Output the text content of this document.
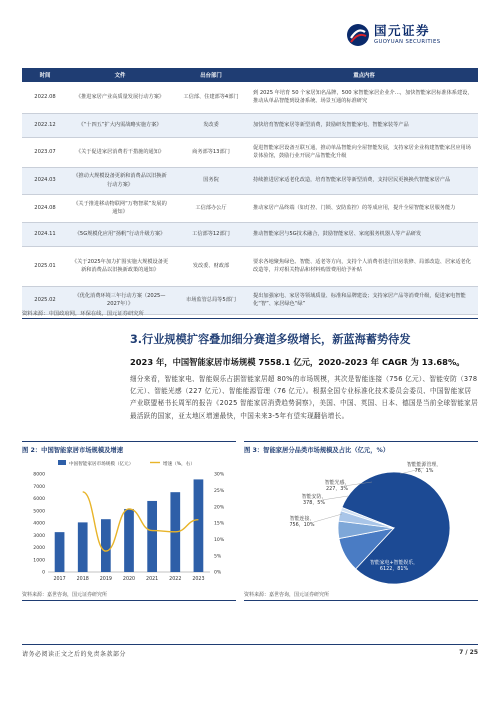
国元证券
GUOYUAN SECURITIES
时间	文件	出台部门	重点内容
2022.08	《推进家居产业高质量发展行动方案》	工信部、住建部等4部门	到 2025 年培育 50 个家居知名品牌，500 家智能家居企业介…，加快智能家居标准体系建设，推动从单品智能到设备系统、场景互通的标准研究
2022.12	《“十四五”扩大内需战略实施方案》	发改委	加快培育智能家居等新型消费，鼓励研发智能家电、智能家装等产品
2023.07	《关于促进家居消费若干措施的通知》	商务部等13部门	促进智能家居设备互联互通，推动单品智能向全屋智能发展，支持家居企业构建智能家居应用场景体验馆，鼓励行业开展产品智能化升级
2024.03	《推动大规模设备更新和消费品以旧换新行动方案》	国务院	持续推进居家适老化改造，培育智能家居等新型消费，支持居民更换换代智能家居产品
2024.08	《关于推进移动物联网“万物智联”发展的通知》	工信部办公厅	推动家居产品终端（如灯控、门锁、安防监控）的等成应用，提升全屋智能家居服务能力
2024.11	《5G规模化应用“扬帆”行动升级方案》	工信部等12部门	推动智能家居与5G技术融合，鼓励智能家居、家庭服务机器人等产品研发
2025.01	《关于2025年加力扩围实施大规模设备更新和消费品以旧换新政策的通知》	发改委、财政部	要求各地聚焦绿色、智能、适老等方向，支持个人消费者进行旧房装修、局部改造、居家适老化改造等，并对相关物品和材料购置费用给予补贴
2025.02	《优化消费环境三年行动方案（2025—2027年）》	市场监管总局等5部门	提出加强家电、家居等领域质量、标准和品牌建设；支持家居产品等消费升级，促进家电智能化“智”、家居绿色“绿”
资料来源：中国政府网，环保在线，国元证券研究所
3.行业规模扩容叠加细分赛道多级增长，新蓝海蓄势待发
2023 年，中国智能家居市场规模 7558.1 亿元，2020-2023 年 CAGR 为 13.68%。
细分来看，智能家电、智能娱乐占据智能家居超 80%的市场规模，其次是智能连接（756 亿元）、智能安防（378 亿元）、智能光感（227 亿元）、智能能源管理（76 亿元）。根据全国专业标准化技术委员会委员、中国智能家居产业联盟秘书长周军的报告《2025 智能家居消费趋势洞察》，美国、中国、英国、日本、德国是当前全球智能家居最活跃的国家，亚太地区增速最快，中国未来3-5年有望实现翻倍增长。
图 2：中国智能家居市场规模及增速
中国智能家居市场规模（亿元）	增速（%，右）
0
1000
2000
3000
4000
5000
6000
7000
8000
0%
5%
10%
15%
20%
25%
30%
2017 2018 2019 2020 2021 2022 2023
资料来源：嘉世咨询，国元证券研究所
图 3：智能家居分品类市场规模及占比（亿元，%）
智能家电+智能娱乐， 6122，81%
智能连接， 756，10%
智能安防， 378，5%
智能光感， 227，3%
智能能源管理， 76，1%
资料来源：嘉世咨询，国元证券研究所
请务必阅读正文之后的免责条款部分	7 / 25
